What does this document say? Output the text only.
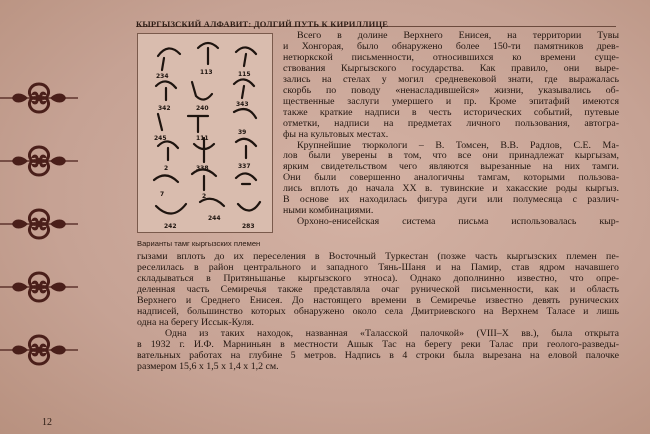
КЫРГЫЗСКИЙ АЛФАВИТ: ДОЛГИЙ ПУТЬ К КИРИЛЛИЦЕ
234
113	115
342	240
343
245	111
39
2	337
338
7	2
242
244
283
Варианты тамг кыргызских племен

Всего в долине Верхнего Енисея, на территории Тувы
и Хонгорая, было обнаружено более 150-ти памятников древ-
нетюркской письменности, относившихся ко времени суще-
ствования Кыргызского государства. Как правило, они выре-
зались на стелах у могил средневековой знати, где выражалась
скорбь по поводу «ненасладившейся» жизни, указывались об-
щественные заслуги умершего и пр. Кроме эпитафий имеются
также краткие надписи в честь исторических событий, путевые
отметки, надписи на предметах личного пользования, автогра-
фы на культовых местах.

Крупнейшие тюркологи – В. Томсен, В.В. Радлов, С.Е. Ма-
лов были уверены в том, что все они принадлежат кыргызам,
ярким свидетельством чего являются вырезанные на них тамги.
Они были совершенно аналогичны тамгам, которыми пользова-
лись вплоть до начала ХХ в. тувинские и хакасские роды кыргыз.
В основе их находилась фигура дуги или полумесяца с различ-
ными комбинациями.

Орхоно-енисейская система письма использовалась кыр-

гызами вплоть до их переселения в Восточный Туркестан (позже часть кыргызских племен пе-
реселилась в район центрального и западного Тянь-Шаня и на Памир, став ядром начавшего
складываться в Притяньшанье кыргызского этноса). Однако дополнинно известно, что опре-
деленная часть Семиречья также представляла очаг рунической письменности, как и область
Верхнего и Среднего Енисея. До настоящего времени в Семиречье известно девять рунических
надписей, большинство которых обнаружено около села Дмитриевского на Верхнем Таласе и лишь
одна на берегу Иссык-Куля.

Одна из таких находок, названная «Таласской палочкой» (VIII–X вв.), была открыта
в 1932 г. И.Ф. Марниньян в местности Ашык Тас на берегу реки Талас при геолого-разведы-
вательных работах на глубине 5 метров. Надпись в 4 строки была вырезана на еловой палочке
размером 15,6 х 1,5 х 1,4 х 1,2 см.

12
